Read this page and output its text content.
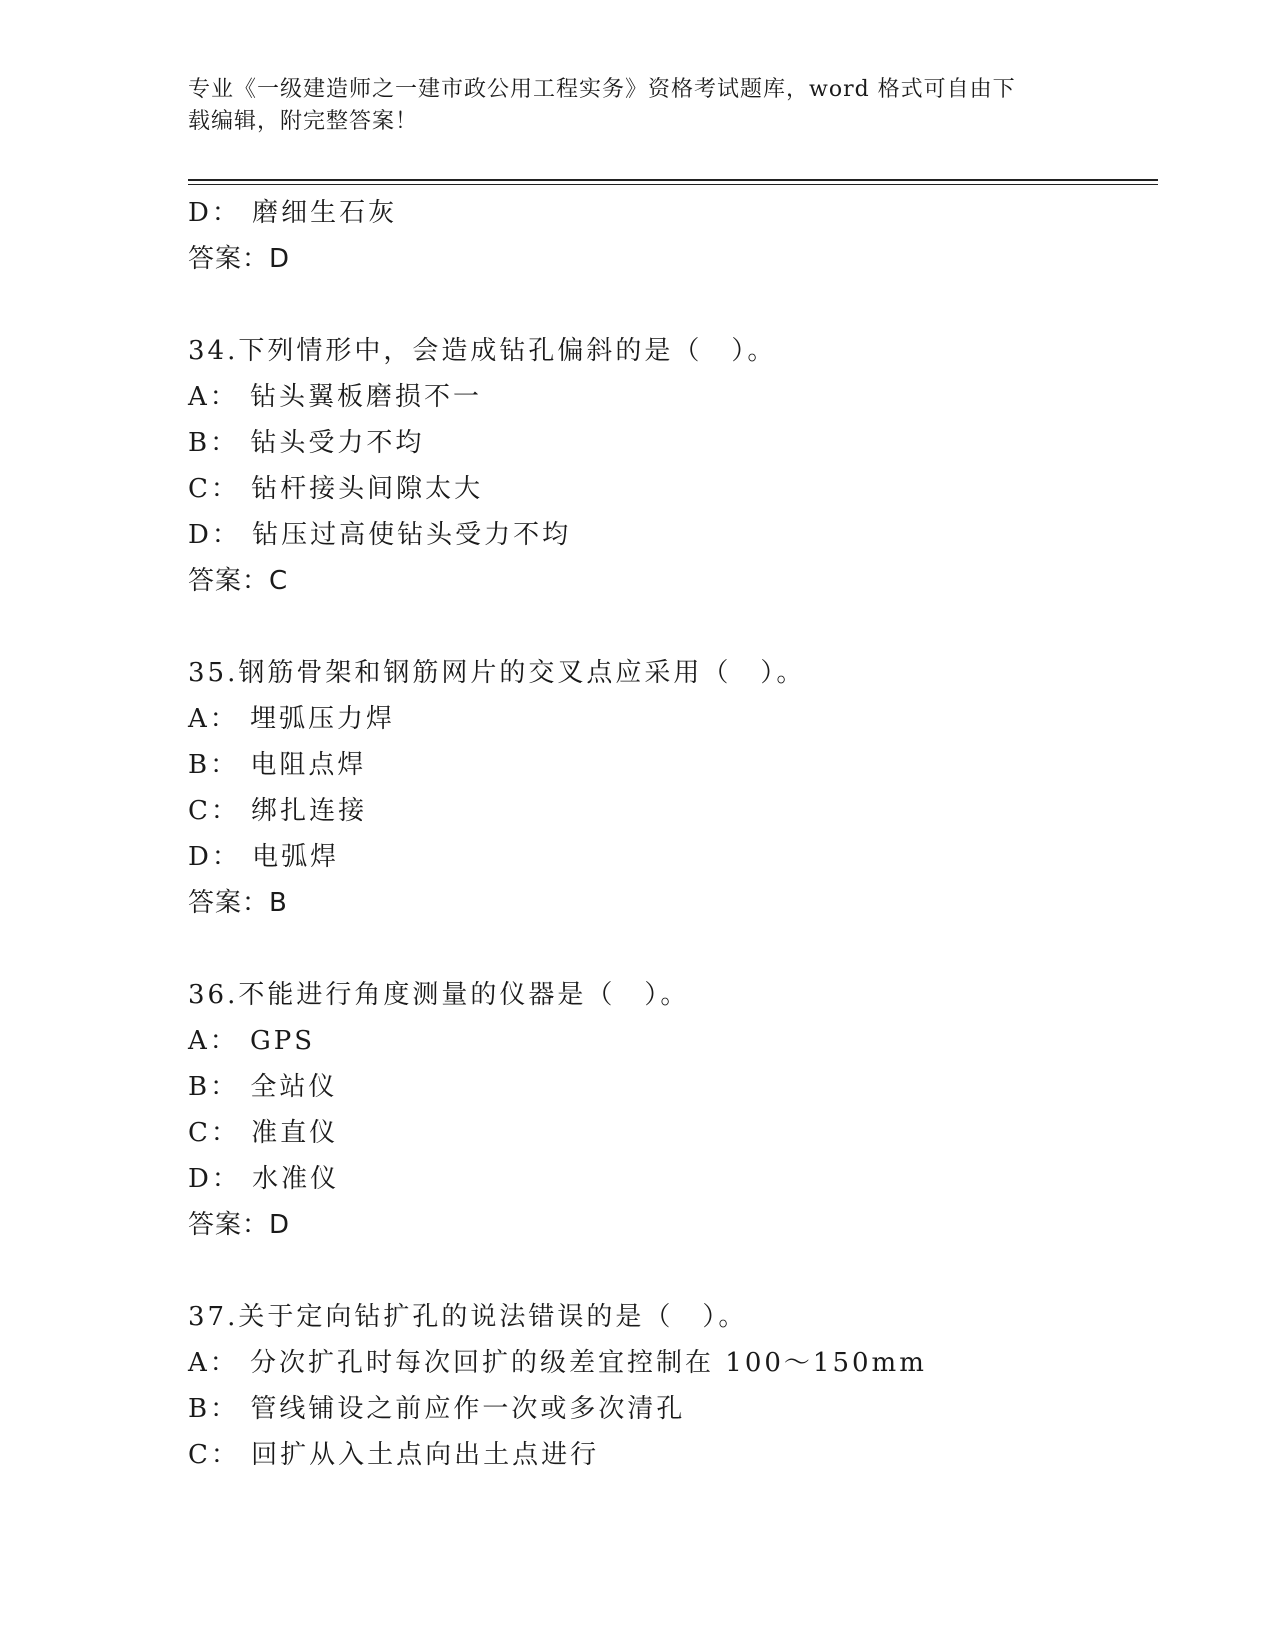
专业《一级建造师之一建市政公用工程实务》资格考试题库，word 格式可自由下
载编辑，附完整答案！
D： 磨细生石灰
答案：D
34.下列情形中，会造成钻孔偏斜的是（　）。
A： 钻头翼板磨损不一
B： 钻头受力不均
C： 钻杆接头间隙太大
D： 钻压过高使钻头受力不均
答案：C
35.钢筋骨架和钢筋网片的交叉点应采用（　）。
A： 埋弧压力焊
B： 电阻点焊
C： 绑扎连接
D： 电弧焊
答案：B
36.不能进行角度测量的仪器是（　）。
A： GPS
B： 全站仪
C： 准直仪
D： 水准仪
答案：D
37.关于定向钻扩孔的说法错误的是（　）。
A： 分次扩孔时每次回扩的级差宜控制在 100～150mm
B： 管线铺设之前应作一次或多次清孔
C： 回扩从入土点向出土点进行
